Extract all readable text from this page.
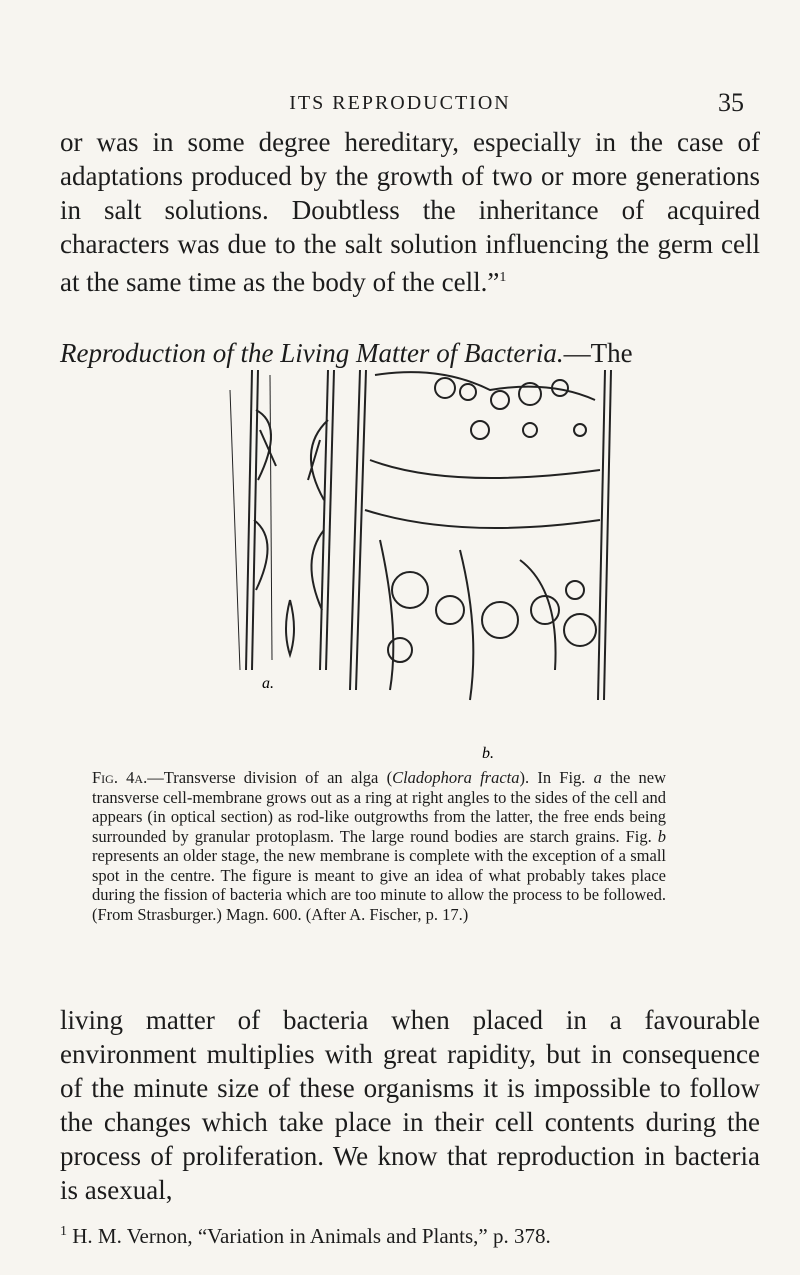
ITS REPRODUCTION	35

or was in some degree hereditary, especially in the case of adaptations produced by the growth of two or more generations in salt solutions. Doubtless the inheritance of acquired characters was due to the salt solution influencing the germ cell at the same time as the body of the cell.”$^1$

Reproduction of the Living Matter of Bacteria.—The

a.
b.
Fig. 4a.—Transverse division of an alga (Cladophora fracta). In Fig. a the new transverse cell-membrane grows out as a ring at right angles to the sides of the cell and appears (in optical section) as rod-like outgrowths from the latter, the free ends being surrounded by granular protoplasm. The large round bodies are starch grains. Fig. b represents an older stage, the new membrane is complete with the exception of a small spot in the centre. The figure is meant to give an idea of what probably takes place during the fission of bacteria which are too minute to allow the process to be followed. (From Strasburger.) Magn. 600. (After A. Fischer, p. 17.)

living matter of bacteria when placed in a favourable environment multiplies with great rapidity, but in consequence of the minute size of these organisms it is impossible to follow the changes which take place in their cell contents during the process of proliferation. We know that reproduction in bacteria is asexual,

$^1$ H. M. Vernon, “Variation in Animals and Plants,” p. 378.
